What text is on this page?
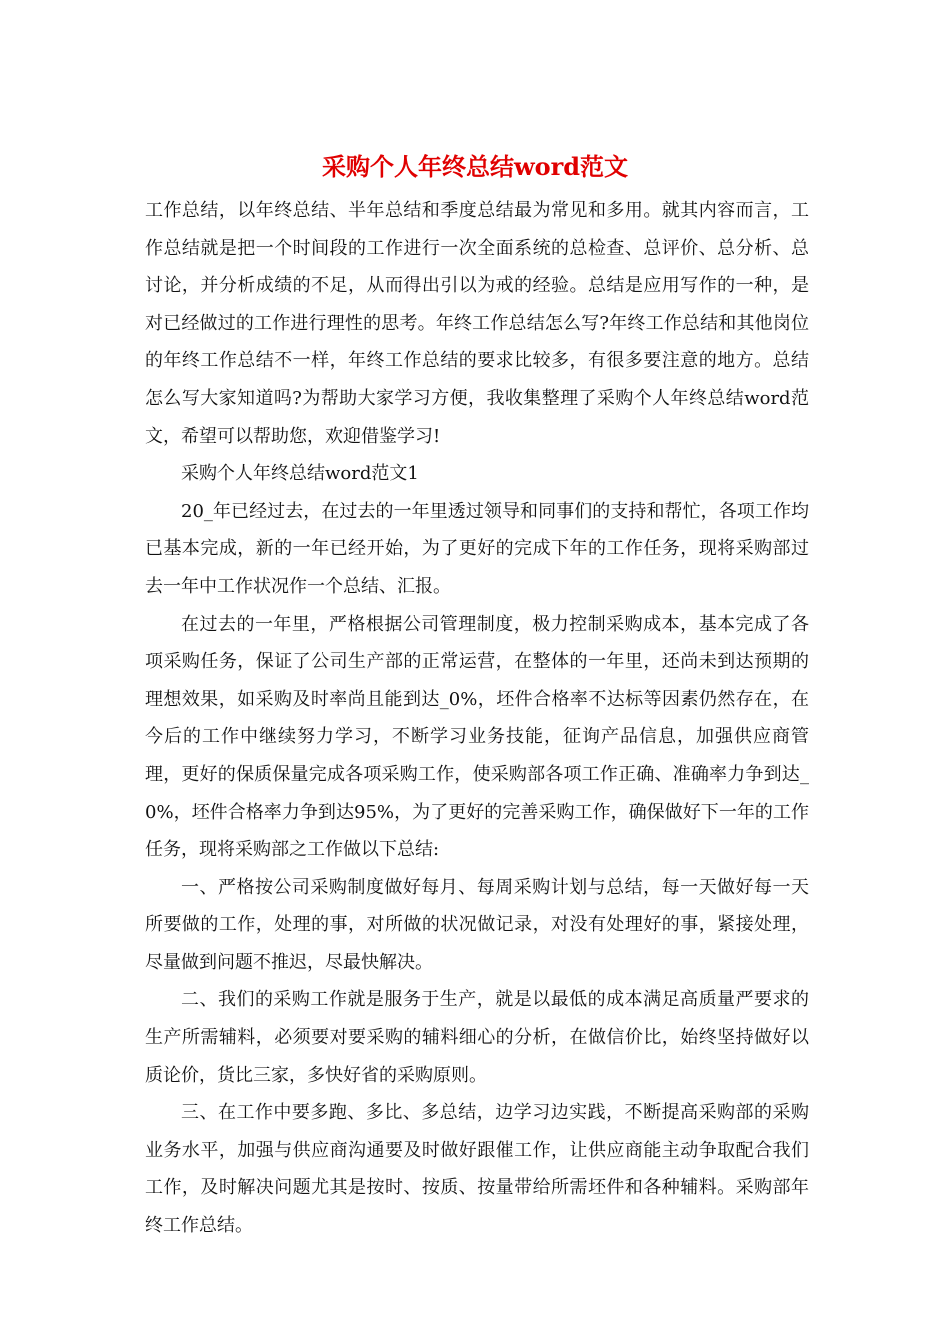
采购个人年终总结word范文

工作总结，以年终总结、半年总结和季度总结最为常见和多用。就其内容而言，工作总结就是把一个时间段的工作进行一次全面系统的总检查、总评价、总分析、总讨论，并分析成绩的不足，从而得出引以为戒的经验。总结是应用写作的一种，是对已经做过的工作进行理性的思考。年终工作总结怎么写?年终工作总结和其他岗位的年终工作总结不一样，年终工作总结的要求比较多，有很多要注意的地方。总结怎么写大家知道吗?为帮助大家学习方便，我收集整理了采购个人年终总结word范文，希望可以帮助您，欢迎借鉴学习!

采购个人年终总结word范文1

20_年已经过去，在过去的一年里透过领导和同事们的支持和帮忙，各项工作均已基本完成，新的一年已经开始，为了更好的完成下年的工作任务，现将采购部过去一年中工作状况作一个总结、汇报。

在过去的一年里，严格根据公司管理制度，极力控制采购成本，基本完成了各项采购任务，保证了公司生产部的正常运营，在整体的一年里，还尚未到达预期的理想效果，如采购及时率尚且能到达_0%，坯件合格率不达标等因素仍然存在，在今后的工作中继续努力学习，不断学习业务技能，征询产品信息，加强供应商管理，更好的保质保量完成各项采购工作，使采购部各项工作正确、准确率力争到达_0%，坯件合格率力争到达95%，为了更好的完善采购工作，确保做好下一年的工作任务，现将采购部之工作做以下总结:

一、严格按公司采购制度做好每月、每周采购计划与总结，每一天做好每一天所要做的工作，处理的事，对所做的状况做记录，对没有处理好的事，紧接处理，尽量做到问题不推迟，尽最快解决。

二、我们的采购工作就是服务于生产，就是以最低的成本满足高质量严要求的生产所需辅料，必须要对要采购的辅料细心的分析，在做信价比，始终坚持做好以质论价，货比三家，多快好省的采购原则。

三、在工作中要多跑、多比、多总结，边学习边实践，不断提高采购部的采购业务水平，加强与供应商沟通要及时做好跟催工作，让供应商能主动争取配合我们工作，及时解决问题尤其是按时、按质、按量带给所需坯件和各种辅料。采购部年终工作总结。
